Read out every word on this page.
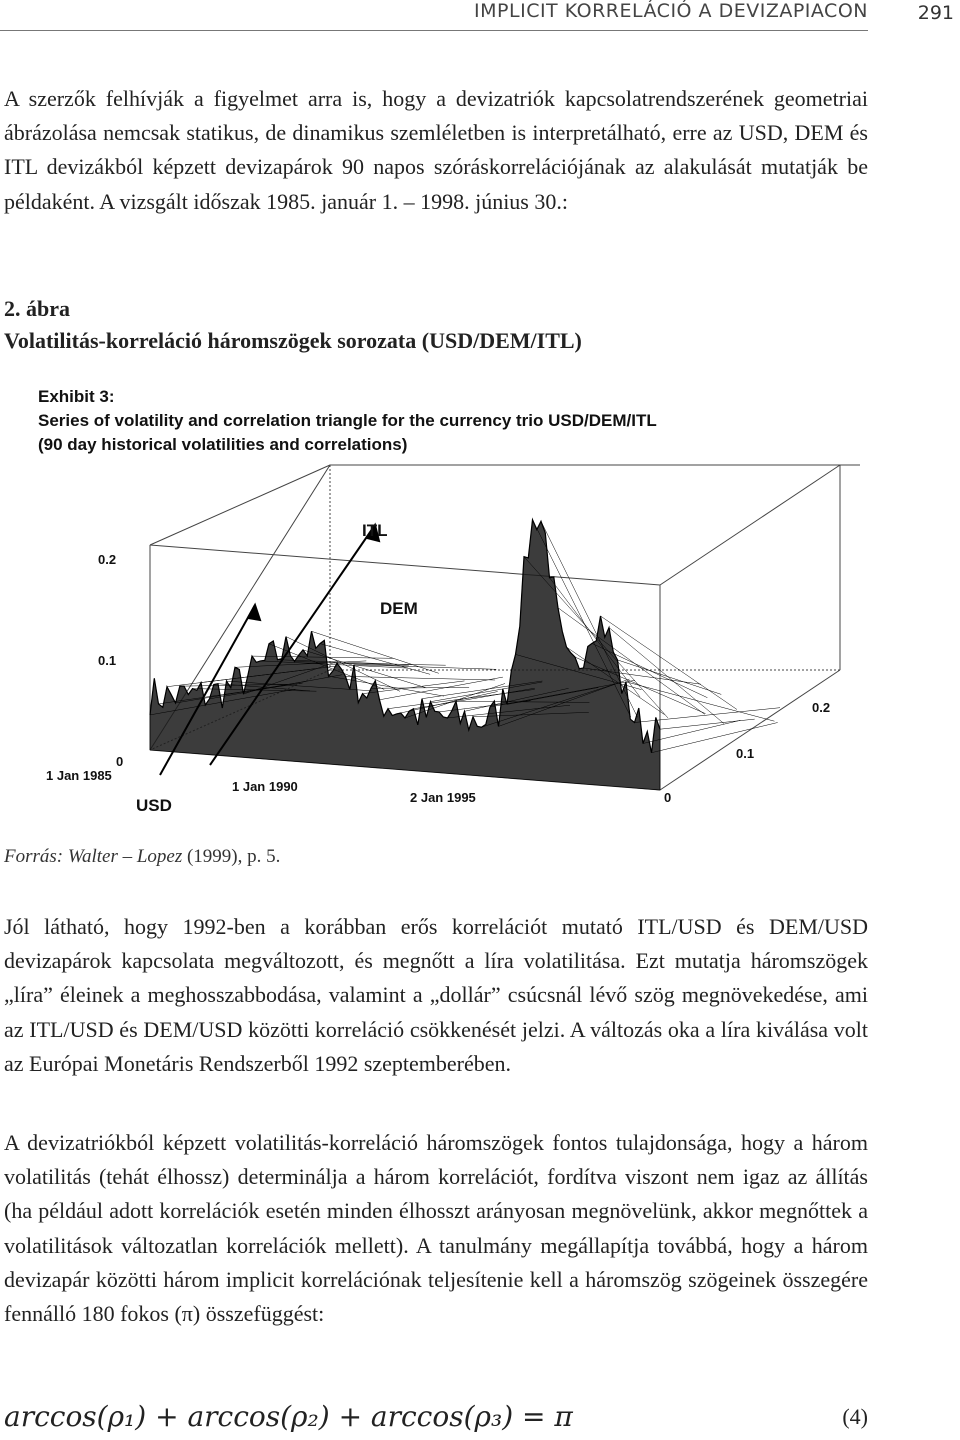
IMPLICIT KORRELÁCIÓ A DEVIZAPIACON	291

A szerzők felhívják a figyelmet arra is, hogy a devizatriók kapcsolatrendszerének geometriai ábrázolása nemcsak statikus, de dinamikus szemléletben is interpretálható, erre az USD, DEM és ITL devizákból képzett devizapárok 90 napos szóráskorrelációjának az alakulását mutatják be példaként. A vizsgált időszak 1985. január 1. – 1998. június 30.:

2. ábra
Volatilitás-korreláció háromszögek sorozata (USD/DEM/ITL)
Exhibit 3:
Series of volatility and correlation triangle for the currency trio USD/DEM/ITL
(90 day historical volatilities and correlations)
0.2
0.1
0
0.2
0.1
0
1 Jan 1985
1 Jan 1990
2 Jan 1995
ITL
DEM
USD
Forrás: Walter – Lopez (1999), p. 5.

Jól látható, hogy 1992-ben a korábban erős korrelációt mutató ITL/USD és DEM/USD devizapárok kapcsolata megváltozott, és megnőtt a líra volatilitása. Ezt mutatja háromszögek „líra” éleinek a meghosszabbodása, valamint a „dollár” csúcsnál lévő szög megnövekedése, ami az ITL/USD és DEM/USD közötti korreláció csökkenését jelzi. A változás oka a líra kiválása volt az Európai Monetáris Rendszerből 1992 szeptemberében.

A devizatriókból képzett volatilitás-korreláció háromszögek fontos tulajdonsága, hogy a három volatilitás (tehát élhossz) determinálja a három korrelációt, fordítva viszont nem igaz az állítás (ha például adott korrelációk esetén minden élhosszt arányosan megnövelünk, akkor megnőttek a volatilitások változatlan korrelációk mellett). A tanulmány megállapítja továbbá, hogy a három devizapár közötti három implicit korrelációnak teljesítenie kell a háromszög szögeinek összegére fennálló 180 fokos (π) összefüggést:

arccos(ρ₁) + arccos(ρ₂) + arccos(ρ₃) = π	(4)
